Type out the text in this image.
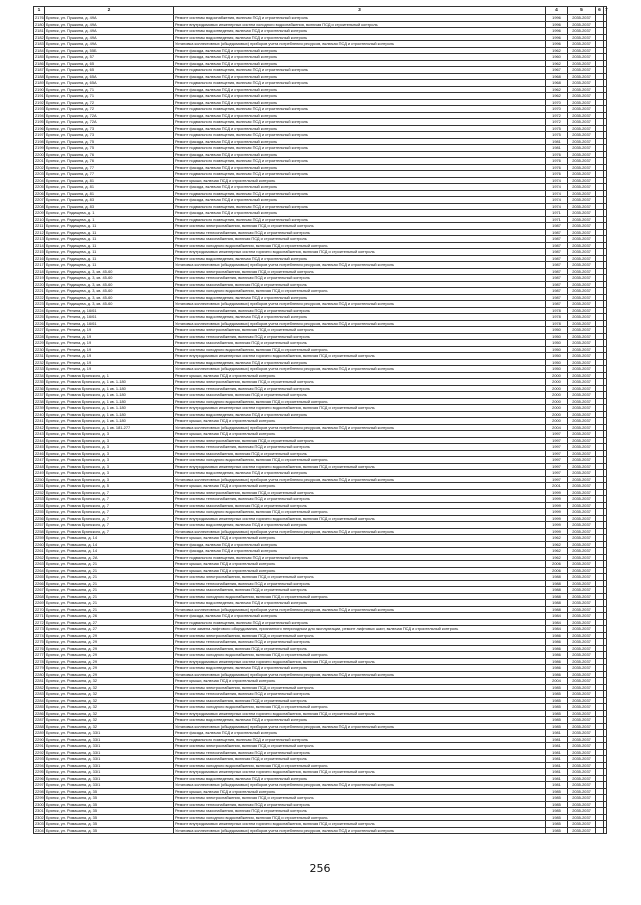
1	2	3	4	5	6	7
2176	Брянск, ул. Пушкина, д. 49А	Ремонт системы водоснабжения, включая ПСД и строительный контроль	1996	2035-2037		
2180	Брянск, ул. Пушкина, д. 49А	Ремонт внутридомовых инженерных систем холодного водоснабжения, включая ПСД и строительный контроль	1996	2035-2037		
2181	Брянск, ул. Пушкина, д. 49А	Ремонт системы водоотведения, включая ПСД и строительный контроль	1996	2035-2037		
2182	Брянск, ул. Пушкина, д. 49А	Ремонт системы водоотведения, включая ПСД и строительный контроль	1996	2035-2037		
2183	Брянск, ул. Пушкина, д. 49А	Установка коллективных (общедомовых) приборов учета потребления ресурсов, включая ПСД и строительный контроль	1996	2035-2037		
2184	Брянск, ул. Пушкина, д. 55Б	Ремонт фасада, включая ПСД и строительный контроль	1962	2035-2037		
2185	Брянск, ул. Пушкина, д. 57	Ремонт фасада, включая ПСД и строительный контроль	1960	2035-2037		
2186	Брянск, ул. Пушкина, д. 65	Ремонт фасада, включая ПСД и строительный контроль	1962	2035-2037		
2187	Брянск, ул. Пушкина, д. 65	Ремонт подвального помещения, включая ПСД и строительный контроль	1967	2035-2037		
2188	Брянск, ул. Пушкина, д. 65А	Ремонт фасада, включая ПСД и строительный контроль	1968	2035-2037		
2189	Брянск, ул. Пушкина, д. 65А	Ремонт подвального помещения, включая ПСД и строительный контроль	1968	2035-2037		
2190	Брянск, ул. Пушкина, д. 71	Ремонт фасада, включая ПСД и строительный контроль	1962	2035-2037		
2191	Брянск, ул. Пушкина, д. 71	Ремонт фасада, включая ПСД и строительный контроль	1962	2035-2037		
2192	Брянск, ул. Пушкина, д. 72	Ремонт фасада, включая ПСД и строительный контроль	1970	2035-2037		
2193	Брянск, ул. Пушкина, д. 72	Ремонт подвального помещения, включая ПСД и строительный контроль	1970	2035-2037		
2194	Брянск, ул. Пушкина, д. 72А	Ремонт фасада, включая ПСД и строительный контроль	1972	2035-2037		
2195	Брянск, ул. Пушкина, д. 72А	Ремонт подвального помещения, включая ПСД и строительный контроль	1972	2035-2037		
2196	Брянск, ул. Пушкина, д. 73	Ремонт фасада, включая ПСД и строительный контроль	1975	2035-2037		
2197	Брянск, ул. Пушкина, д. 73	Ремонт подвального помещения, включая ПСД и строительный контроль	1975	2035-2037		
2198	Брянск, ул. Пушкина, д. 75	Ремонт фасада, включая ПСД и строительный контроль	1981	2035-2037		
2199	Брянск, ул. Пушкина, д. 75	Ремонт подвального помещения, включая ПСД и строительный контроль	1981	2035-2037		
2200	Брянск, ул. Пушкина, д. 76	Ремонт фасада, включая ПСД и строительный контроль	1976	2035-2037		
2201	Брянск, ул. Пушкина, д. 76	Ремонт подвального помещения, включая ПСД и строительный контроль	1976	2035-2037		
2202	Брянск, ул. Пушкина, д. 77	Ремонт фасада, включая ПСД и строительный контроль	1976	2035-2037		
2203	Брянск, ул. Пушкина, д. 77	Ремонт подвального помещения, включая ПСД и строительный контроль	1976	2035-2037		
2204	Брянск, ул. Пушкина, д. 81	Ремонт крыши, включая ПСД и строительный контроль	1974	2035-2037		
2205	Брянск, ул. Пушкина, д. 81	Ремонт фасада, включая ПСД и строительный контроль	1974	2035-2037		
2206	Брянск, ул. Пушкина, д. 81	Ремонт подвального помещения, включая ПСД и строительный контроль	1974	2035-2037		
2207	Брянск, ул. Пушкина, д. 83	Ремонт фасада, включая ПСД и строительный контроль	1974	2035-2037		
2208	Брянск, ул. Пушкина, д. 83	Ремонт подвального помещения, включая ПСД и строительный контроль	1974	2035-2037		
2209	Брянск, ул. Радищева, д. 1	Ремонт фасада, включая ПСД и строительный контроль	1971	2035-2037		
2210	Брянск, ул. Радищева, д. 1	Ремонт подвального помещения, включая ПСД и строительный контроль	1971	2035-2037		
2211	Брянск, ул. Радищева, д. 11	Ремонт системы электроснабжения, включая ПСД и строительный контроль	1987	2035-2037		
2212	Брянск, ул. Радищева, д. 11	Ремонт системы теплоснабжения, включая ПСД и строительный контроль	1987	2035-2037		
2213	Брянск, ул. Радищева, д. 11	Ремонт системы газоснабжения, включая ПСД и строительный контроль	1987	2035-2037		
2214	Брянск, ул. Радищева, д. 11	Ремонт системы холодного водоснабжения, включая ПСД и строительный контроль	1987	2035-2037		
2215	Брянск, ул. Радищева, д. 11	Ремонт внутридомовых инженерных систем горячего водоснабжения, включая ПСД и строительный контроль	1987	2035-2037		
2216	Брянск, ул. Радищева, д. 11	Ремонт системы водоотведения, включая ПСД и строительный контроль	1987	2035-2037		
2217	Брянск, ул. Радищева, д. 11	Установка коллективных (общедомовых) приборов учета потребления ресурсов, включая ПСД и строительный контроль	1987	2035-2037		
2218	Брянск, ул. Радищева, д. 3, кв. 45-60	Ремонт системы электроснабжения, включая ПСД и строительный контроль	1987	2035-2037		
2219	Брянск, ул. Радищева, д. 3, кв. 45-60	Ремонт системы теплоснабжения, включая ПСД и строительный контроль	1987	2035-2037		
2220	Брянск, ул. Радищева, д. 3, кв. 45-60	Ремонт системы газоснабжения, включая ПСД и строительный контроль	1987	2035-2037		
2221	Брянск, ул. Радищева, д. 3, кв. 45-60	Ремонт системы холодного водоснабжения, включая ПСД и строительный контроль	1987	2035-2037		
2222	Брянск, ул. Радищева, д. 3, кв. 45-60	Ремонт системы водоотведения, включая ПСД и строительный контроль	1987	2035-2037		
2223	Брянск, ул. Радищева, д. 3, кв. 45-60	Установка коллективных (общедомовых) приборов учета потребления ресурсов, включая ПСД и строительный контроль	1987	2035-2037		
2224	Брянск, ул. Репина, д. 16/61	Ремонт системы теплоснабжения, включая ПСД и строительный контроль	1978	2035-2037		
2225	Брянск, ул. Репина, д. 16/61	Ремонт системы водоотведения, включая ПСД и строительный контроль	1978	2035-2037		
2226	Брянск, ул. Репина, д. 16/61	Установка коллективных (общедомовых) приборов учета потребления ресурсов, включая ПСД и строительный контроль	1978	2035-2037		
2227	Брянск, ул. Репина, д. 19	Ремонт системы электроснабжения, включая ПСД и строительный контроль	1950	2035-2037		
2228	Брянск, ул. Репина, д. 19	Ремонт системы теплоснабжения, включая ПСД и строительный контроль	1950	2035-2037		
2229	Брянск, ул. Репина, д. 19	Ремонт системы газоснабжения, включая ПСД и строительный контроль	1950	2035-2037		
2230	Брянск, ул. Репина, д. 19	Ремонт системы холодного водоснабжения, включая ПСД и строительный контроль	1950	2035-2037		
2231	Брянск, ул. Репина, д. 19	Ремонт внутридомовых инженерных систем горячего водоснабжения, включая ПСД и строительный контроль	1950	2035-2037		
2232	Брянск, ул. Репина, д. 19	Ремонт системы водоотведения, включая ПСД и строительный контроль	1950	2035-2037		
2233	Брянск, ул. Репина, д. 19	Установка коллективных (общедомовых) приборов учета потребления ресурсов, включая ПСД и строительный контроль	1950	2035-2037		
2234	Брянск, ул. Романа Брянского, д. 1	Ремонт крыши, включая ПСД и строительный контроль	2000	2035-2037		
2235	Брянск, ул. Романа Брянского, д. 1 кв. 1-180	Ремонт системы электроснабжения, включая ПСД и строительный контроль	2000	2035-2037		
2236	Брянск, ул. Романа Брянского, д. 1 кв. 1-180	Ремонт системы теплоснабжения, включая ПСД и строительный контроль	2000	2035-2037		
2237	Брянск, ул. Романа Брянского, д. 1 кв. 1-180	Ремонт системы газоснабжения, включая ПСД и строительный контроль	2000	2035-2037		
2238	Брянск, ул. Романа Брянского, д. 1 кв. 1-180	Ремонт системы холодного водоснабжения, включая ПСД и строительный контроль	2000	2035-2037		
2239	Брянск, ул. Романа Брянского, д. 1 кв. 1-180	Ремонт внутридомовых инженерных систем горячего водоснабжения, включая ПСД и строительный контроль	2000	2035-2037		
2240	Брянск, ул. Романа Брянского, д. 1 кв. 1-180	Ремонт системы водоотведения, включая ПСД и строительный контроль	2000	2035-2037		
2241	Брянск, ул. Романа Брянского, д. 1 кв. 1-180	Ремонт крыши, включая ПСД и строительный контроль	2000	2035-2037		
2242	Брянск, ул. Романа Брянского, д. 1 кв. 181-277	Установка коллективных (общедомовых) приборов учета потребления ресурсов, включая ПСД и строительный контроль	2004	2035-2037		
2243	Брянск, ул. Романа Брянского, д. 3	Ремонт крыши, включая ПСД и строительный контроль	1997	2035-2037		
2244	Брянск, ул. Романа Брянского, д. 3	Ремонт системы электроснабжения, включая ПСД и строительный контроль	1997	2035-2037		
2245	Брянск, ул. Романа Брянского, д. 3	Ремонт системы теплоснабжения, включая ПСД и строительный контроль	1997	2035-2037		
2246	Брянск, ул. Романа Брянского, д. 3	Ремонт системы газоснабжения, включая ПСД и строительный контроль	1997	2035-2037		
2247	Брянск, ул. Романа Брянского, д. 3	Ремонт системы холодного водоснабжения, включая ПСД и строительный контроль	1997	2035-2037		
2248	Брянск, ул. Романа Брянского, д. 3	Ремонт внутридомовых инженерных систем горячего водоснабжения, включая ПСД и строительный контроль	1997	2035-2037		
2249	Брянск, ул. Романа Брянского, д. 3	Ремонт системы водоотведения, включая ПСД и строительный контроль	1997	2035-2037		
2250	Брянск, ул. Романа Брянского, д. 3	Установка коллективных (общедомовых) приборов учета потребления ресурсов, включая ПСД и строительный контроль	1997	2035-2037		
2251	Брянск, ул. Романа Брянского, д. 5	Ремонт крыши, включая ПСД и строительный контроль	2001	2035-2037		
2252	Брянск, ул. Романа Брянского, д. 7	Ремонт системы электроснабжения, включая ПСД и строительный контроль	1999	2035-2037		
2253	Брянск, ул. Романа Брянского, д. 7	Ремонт системы теплоснабжения, включая ПСД и строительный контроль	1999	2035-2037		
2254	Брянск, ул. Романа Брянского, д. 7	Ремонт системы газоснабжения, включая ПСД и строительный контроль	1999	2035-2037		
2255	Брянск, ул. Романа Брянского, д. 7	Ремонт системы холодного водоснабжения, включая ПСД и строительный контроль	1999	2035-2037		
2256	Брянск, ул. Романа Брянского, д. 7	Ремонт внутридомовых инженерных систем горячего водоснабжения, включая ПСД и строительный контроль	1999	2035-2037		
2257	Брянск, ул. Романа Брянского, д. 7	Ремонт системы водоотведения, включая ПСД и строительный контроль	1999	2035-2037		
2258	Брянск, ул. Романа Брянского, д. 7	Установка коллективных (общедомовых) приборов учета потребления ресурсов, включая ПСД и строительный контроль	1999	2035-2037		
2259	Брянск, ул. Ромашина, д. 14	Ремонт крыши, включая ПСД и строительный контроль	1962	2035-2037		
2260	Брянск, ул. Ромашина, д. 14	Ремонт фасада, включая ПСД и строительный контроль	1962	2035-2037		
2261	Брянск, ул. Ромашина, д. 14	Ремонт фасада, включая ПСД и строительный контроль	1962	2035-2037		
2262	Брянск, ул. Ромашина, д. 2А	Ремонт подвального помещения, включая ПСД и строительный контроль	1962	2035-2037		
2263	Брянск, ул. Ромашина, д. 21	Ремонт крыши, включая ПСД и строительный контроль	2006	2035-2037		
2264	Брянск, ул. Ромашина, д. 21	Ремонт крыши, включая ПСД и строительный контроль	2006	2035-2037		
2265	Брянск, ул. Ромашина, д. 21	Ремонт системы электроснабжения, включая ПСД и строительный контроль	1988	2035-2037		
2266	Брянск, ул. Ромашина, д. 21	Ремонт системы теплоснабжения, включая ПСД и строительный контроль	1988	2035-2037		
2267	Брянск, ул. Ромашина, д. 21	Ремонт системы газоснабжения, включая ПСД и строительный контроль	1988	2035-2037		
2268	Брянск, ул. Ромашина, д. 21	Ремонт системы холодного водоснабжения, включая ПСД и строительный контроль	1988	2035-2037		
2269	Брянск, ул. Ромашина, д. 21	Ремонт системы водоотведения, включая ПСД и строительный контроль	1988	2035-2037		
2270	Брянск, ул. Ромашина, д. 21	Установка коллективных (общедомовых) приборов учета потребления ресурсов, включая ПСД и строительный контроль	1988	2035-2037		
2271	Брянск, ул. Ромашина, д. 26	Ремонт фасада, включая ПСД и строительный контроль	1984	2035-2037		
2272	Брянск, ул. Ромашина, д. 27	Ремонт подвального помещения, включая ПСД и строительный контроль	1984	2035-2037		
2273	Брянск, ул. Ромашина, д. 27	Ремонт или замена лифтового оборудования, признанного непригодным для эксплуатации, ремонт лифтовых шахт, включая ПСД и строительный контроль	1984	2035-2037		
2274	Брянск, ул. Ромашина, д. 29	Ремонт системы электроснабжения, включая ПСД и строительный контроль	1986	2035-2037		
2275	Брянск, ул. Ромашина, д. 29	Ремонт системы теплоснабжения, включая ПСД и строительный контроль	1986	2035-2037		
2276	Брянск, ул. Ромашина, д. 29	Ремонт системы газоснабжения, включая ПСД и строительный контроль	1986	2035-2037		
2277	Брянск, ул. Ромашина, д. 29	Ремонт системы холодного водоснабжения, включая ПСД и строительный контроль	1986	2035-2037		
2278	Брянск, ул. Ромашина, д. 29	Ремонт внутридомовых инженерных систем горячего водоснабжения, включая ПСД и строительный контроль	1986	2035-2037		
2279	Брянск, ул. Ромашина, д. 29	Ремонт системы водоотведения, включая ПСД и строительный контроль	1986	2035-2037		
2280	Брянск, ул. Ромашина, д. 29	Установка коллективных (общедомовых) приборов учета потребления ресурсов, включая ПСД и строительный контроль	1986	2035-2037		
2281	Брянск, ул. Ромашина, д. 32	Ремонт крыши, включая ПСД и строительный контроль	2004	2035-2037		
2282	Брянск, ул. Ромашина, д. 32	Ремонт системы электроснабжения, включая ПСД и строительный контроль	1985	2035-2037		
2283	Брянск, ул. Ромашина, д. 32	Ремонт системы теплоснабжения, включая ПСД и строительный контроль	1985	2035-2037		
2284	Брянск, ул. Ромашина, д. 32	Ремонт системы газоснабжения, включая ПСД и строительный контроль	1985	2035-2037		
2285	Брянск, ул. Ромашина, д. 32	Ремонт системы холодного водоснабжения, включая ПСД и строительный контроль	1985	2035-2037		
2286	Брянск, ул. Ромашина, д. 32	Ремонт внутридомовых инженерных систем горячего водоснабжения, включая ПСД и строительный контроль	1985	2035-2037		
2287	Брянск, ул. Ромашина, д. 32	Ремонт системы водоотведения, включая ПСД и строительный контроль	1985	2035-2037		
2288	Брянск, ул. Ромашина, д. 32	Установка коллективных (общедомовых) приборов учета потребления ресурсов, включая ПСД и строительный контроль	1985	2035-2037		
2289	Брянск, ул. Ромашина, д. 33/1	Ремонт фасада, включая ПСД и строительный контроль	1981	2035-2037		
2290	Брянск, ул. Ромашина, д. 33/1	Ремонт подвального помещения, включая ПСД и строительный контроль	1981	2035-2037		
2291	Брянск, ул. Ромашина, д. 33/1	Ремонт системы электроснабжения, включая ПСД и строительный контроль	1981	2035-2037		
2292	Брянск, ул. Ромашина, д. 33/1	Ремонт системы теплоснабжения, включая ПСД и строительный контроль	1981	2035-2037		
2293	Брянск, ул. Ромашина, д. 33/1	Ремонт системы газоснабжения, включая ПСД и строительный контроль	1981	2035-2037		
2294	Брянск, ул. Ромашина, д. 33/1	Ремонт системы холодного водоснабжения, включая ПСД и строительный контроль	1981	2035-2037		
2295	Брянск, ул. Ромашина, д. 33/1	Ремонт внутридомовых инженерных систем горячего водоснабжения, включая ПСД и строительный контроль	1981	2035-2037		
2296	Брянск, ул. Ромашина, д. 33/1	Ремонт системы водоотведения, включая ПСД и строительный контроль	1981	2035-2037		
2297	Брянск, ул. Ромашина, д. 33/1	Установка коллективных (общедомовых) приборов учета потребления ресурсов, включая ПСД и строительный контроль	1981	2035-2037		
2298	Брянск, ул. Ромашина, д. 35	Ремонт крыши, включая ПСД и строительный контроль	1985	2035-2037		
2299	Брянск, ул. Ромашина, д. 35	Ремонт системы электроснабжения, включая ПСД и строительный контроль	1985	2035-2037		
2300	Брянск, ул. Ромашина, д. 35	Ремонт системы теплоснабжения, включая ПСД и строительный контроль	1985	2035-2037		
2301	Брянск, ул. Ромашина, д. 35	Ремонт системы газоснабжения, включая ПСД и строительный контроль	1985	2035-2037		
2302	Брянск, ул. Ромашина, д. 35	Ремонт системы холодного водоснабжения, включая ПСД и строительный контроль	1985	2035-2037		
2303	Брянск, ул. Ромашина, д. 35	Ремонт внутридомовых инженерных систем горячего водоснабжения, включая ПСД и строительный контроль	1985	2035-2037		
2304	Брянск, ул. Ромашина, д. 35	Установка коллективных (общедомовых) приборов учета потребления ресурсов, включая ПСД и строительный контроль	1985	2035-2037		
256
